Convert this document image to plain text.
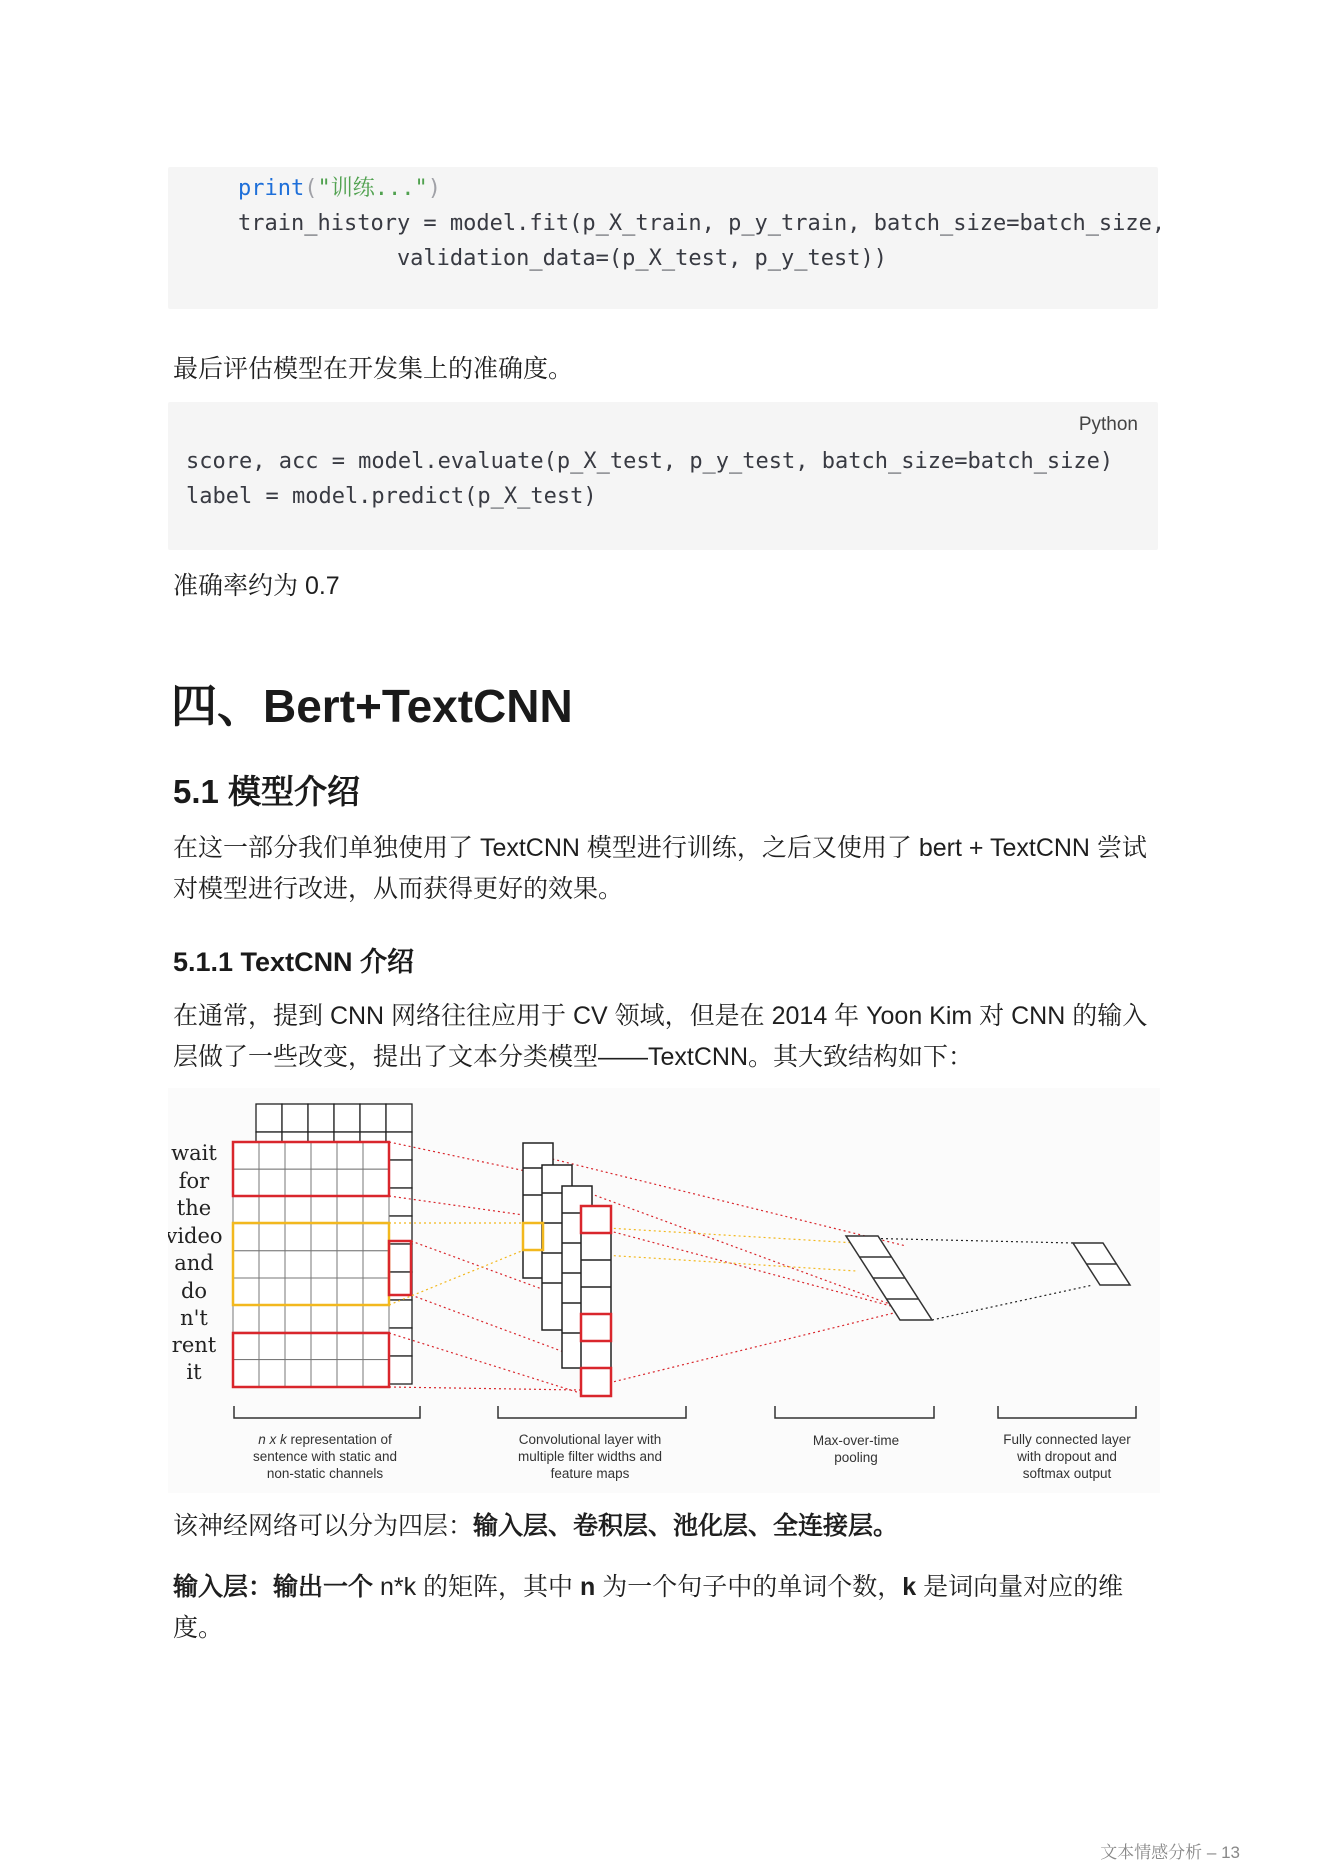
print("训练...")
train_history = model.fit(p_X_train, p_y_train, batch_size=batch_size,
validation_data=(p_X_test, p_y_test))
最后评估模型在开发集上的准确度。
Python
score, acc = model.evaluate(p_X_test, p_y_test, batch_size=batch_size)
label = model.predict(p_X_test)
准确率约为 0.7
四、Bert+TextCNN
5.1 模型介绍
在这一部分我们单独使用了 TextCNN 模型进行训练，之后又使用了 bert + TextCNN 尝试对模型进行改进，从而获得更好的效果。
5.1.1 TextCNN 介绍
在通常，提到 CNN 网络往往应用于 CV 领域，但是在 2014 年 Yoon Kim 对 CNN 的输入层做了一些改变，提出了文本分类模型——TextCNN。其大致结构如下：
wait
for
the
video
and
do
n't
rent
it
n x k representation of
sentence with static and
non-static channels
Convolutional layer with
multiple filter widths and
feature maps
Max-over-time
pooling
Fully connected layer
with dropout and
softmax output
该神经网络可以分为四层：输入层、卷积层、池化层、全连接层。
输入层：输出一个 n*k 的矩阵，其中 n 为一个句子中的单词个数，k 是词向量对应的维度。
文本情感分析 – 13
